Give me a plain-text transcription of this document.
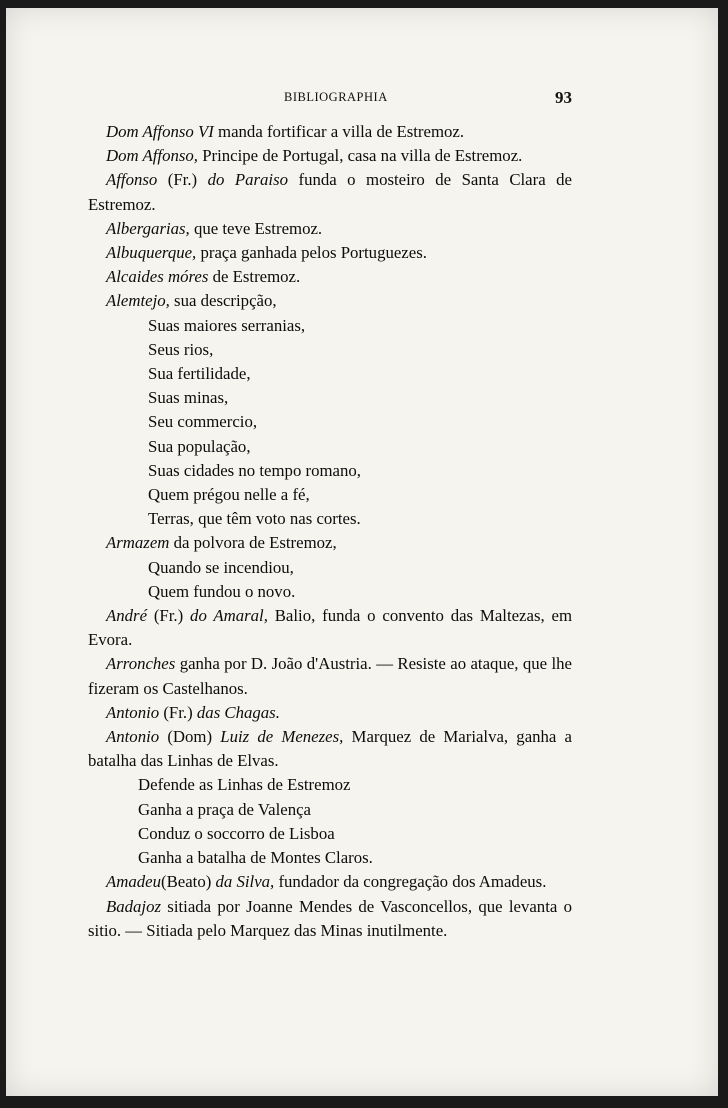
BIBLIOGRAPHIA	93

Dom Affonso VI manda fortificar a villa de Estremoz.

Dom Affonso, Principe de Portugal, casa na villa de Estremoz.

Affonso (Fr.) do Paraiso funda o mosteiro de Santa Clara de Estremoz.

Albergarias, que teve Estremoz.

Albuquerque, praça ganhada pelos Portuguezes.

Alcaides móres de Estremoz.

Alemtejo, sua descripção,

Suas maiores serranias,

Seus rios,

Sua fertilidade,

Suas minas,

Seu commercio,

Sua população,

Suas cidades no tempo romano,

Quem prégou nelle a fé,

Terras, que têm voto nas cortes.

Armazem da polvora de Estremoz,

Quando se incendiou,

Quem fundou o novo.

André (Fr.) do Amaral, Balio, funda o convento das Maltezas, em Evora.

Arronches ganha por D. João d'Austria. — Resiste ao ataque, que lhe fizeram os Castelhanos.

Antonio (Fr.) das Chagas.

Antonio (Dom) Luiz de Menezes, Marquez de Marialva, ganha a batalha das Linhas de Elvas.

Defende as Linhas de Estremoz

Ganha a praça de Valença

Conduz o soccorro de Lisboa

Ganha a batalha de Montes Claros.

Amadeu(Beato) da Silva, fundador da congregação dos Amadeus.

Badajoz sitiada por Joanne Mendes de Vasconcellos, que levanta o sitio. — Sitiada pelo Marquez das Minas inutilmente.
